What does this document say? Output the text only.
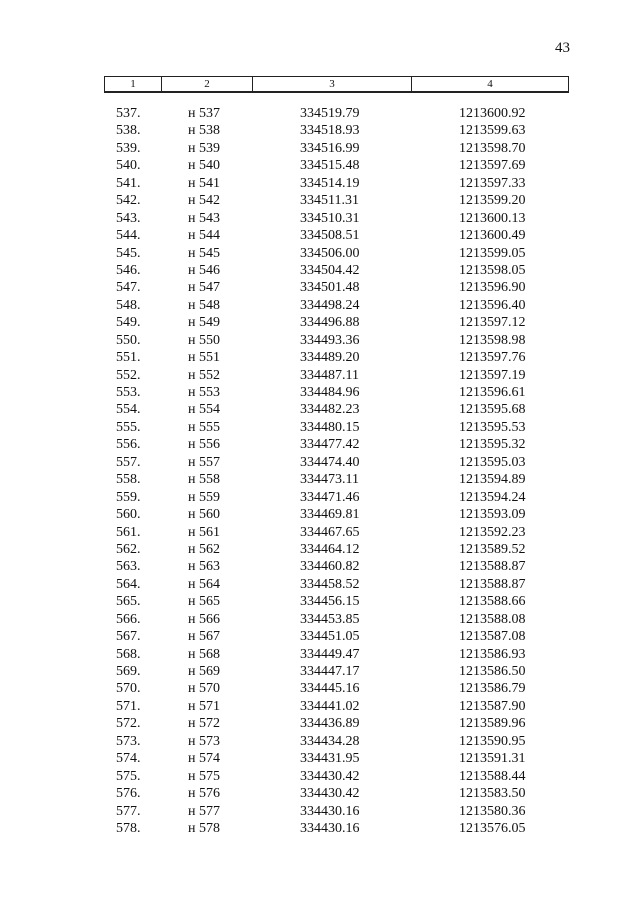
43
1	2	3	4
537.	н 537	334519.79	1213600.92
538.	н 538	334518.93	1213599.63
539.	н 539	334516.99	1213598.70
540.	н 540	334515.48	1213597.69
541.	н 541	334514.19	1213597.33
542.	н 542	334511.31	1213599.20
543.	н 543	334510.31	1213600.13
544.	н 544	334508.51	1213600.49
545.	н 545	334506.00	1213599.05
546.	н 546	334504.42	1213598.05
547.	н 547	334501.48	1213596.90
548.	н 548	334498.24	1213596.40
549.	н 549	334496.88	1213597.12
550.	н 550	334493.36	1213598.98
551.	н 551	334489.20	1213597.76
552.	н 552	334487.11	1213597.19
553.	н 553	334484.96	1213596.61
554.	н 554	334482.23	1213595.68
555.	н 555	334480.15	1213595.53
556.	н 556	334477.42	1213595.32
557.	н 557	334474.40	1213595.03
558.	н 558	334473.11	1213594.89
559.	н 559	334471.46	1213594.24
560.	н 560	334469.81	1213593.09
561.	н 561	334467.65	1213592.23
562.	н 562	334464.12	1213589.52
563.	н 563	334460.82	1213588.87
564.	н 564	334458.52	1213588.87
565.	н 565	334456.15	1213588.66
566.	н 566	334453.85	1213588.08
567.	н 567	334451.05	1213587.08
568.	н 568	334449.47	1213586.93
569.	н 569	334447.17	1213586.50
570.	н 570	334445.16	1213586.79
571.	н 571	334441.02	1213587.90
572.	н 572	334436.89	1213589.96
573.	н 573	334434.28	1213590.95
574.	н 574	334431.95	1213591.31
575.	н 575	334430.42	1213588.44
576.	н 576	334430.42	1213583.50
577.	н 577	334430.16	1213580.36
578.	н 578	334430.16	1213576.05
